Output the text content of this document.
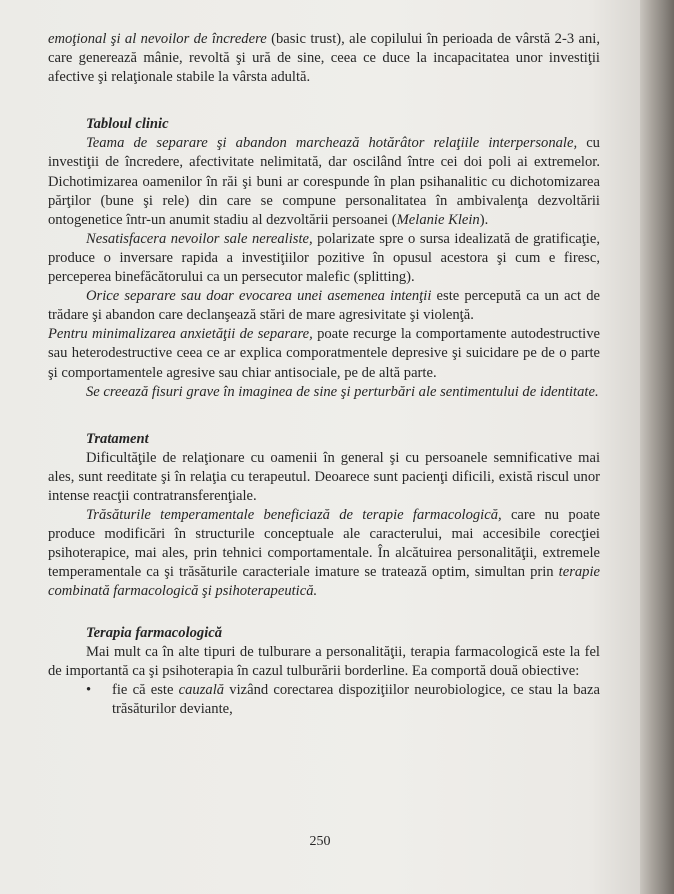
emoţional şi al nevoilor de încredere (basic trust), ale copilului în perioada de vârstă 2-3 ani, care generează mânie, revoltă şi ură de sine, ceea ce duce la incapacitatea unor investiţii afective şi relaţionale stabile la vârsta adultă.

Tabloul clinic

Teama de separare şi abandon marchează hotărâtor relaţiile interpersonale, cu investiţii de încredere, afectivitate nelimitată, dar oscilând între cei doi poli ai extremelor. Dichotimizarea oamenilor în răi şi buni ar corespunde în plan psihanalitic cu dichotomizarea părţilor (bune şi rele) din care se compune personalitatea în ambivalenţa dezvoltării ontogenetice într-un anumit stadiu al dezvoltării persoanei (Melanie Klein).

Nesatisfacera nevoilor sale nerealiste, polarizate spre o sursa idealizată de gratificaţie, produce o inversare rapida a investiţiilor pozitive în opusul acestora şi cum e firesc, perceperea binefăcătorului ca un persecutor malefic (splitting).

Orice separare sau doar evocarea unei asemenea intenţii este percepută ca un act de trădare şi abandon care declanşează stări de mare agresivitate şi violenţă.

Pentru minimalizarea anxietăţii de separare, poate recurge la comportamente autodestructive sau heterodestructive ceea ce ar explica comporatmentele depresive şi suicidare pe de o parte şi comportamentele agresive sau chiar antisociale, pe de altă parte.

Se creează fisuri grave în imaginea de sine şi perturbări ale sentimentului de identitate.

Tratament

Dificultăţile de relaţionare cu oamenii în general şi cu persoanele semnificative mai ales, sunt reeditate şi în relaţia cu terapeutul. Deoarece sunt pacienţi dificili, există riscul unor intense reacţii contratransferenţiale.

Trăsăturile temperamentale beneficiază de terapie farmacologică, care nu poate produce modificări în structurile conceptuale ale caracterului, mai accesibile corecţiei psihoterapice, mai ales, prin tehnici comportamentale. În alcătuirea personalităţii, extremele temperamentale ca şi trăsăturile caracteriale imature se tratează optim, simultan prin terapie combinată farmacologică şi psihoterapeutică.

Terapia farmacologică

Mai mult ca în alte tipuri de tulburare a personalităţii, terapia farmacologică este la fel de importantă ca şi psihoterapia în cazul tulburării borderline. Ea comportă două obiective:

• fie că este cauzală vizând corectarea dispoziţiilor neurobiologice, ce stau la baza trăsăturilor deviante,
250
